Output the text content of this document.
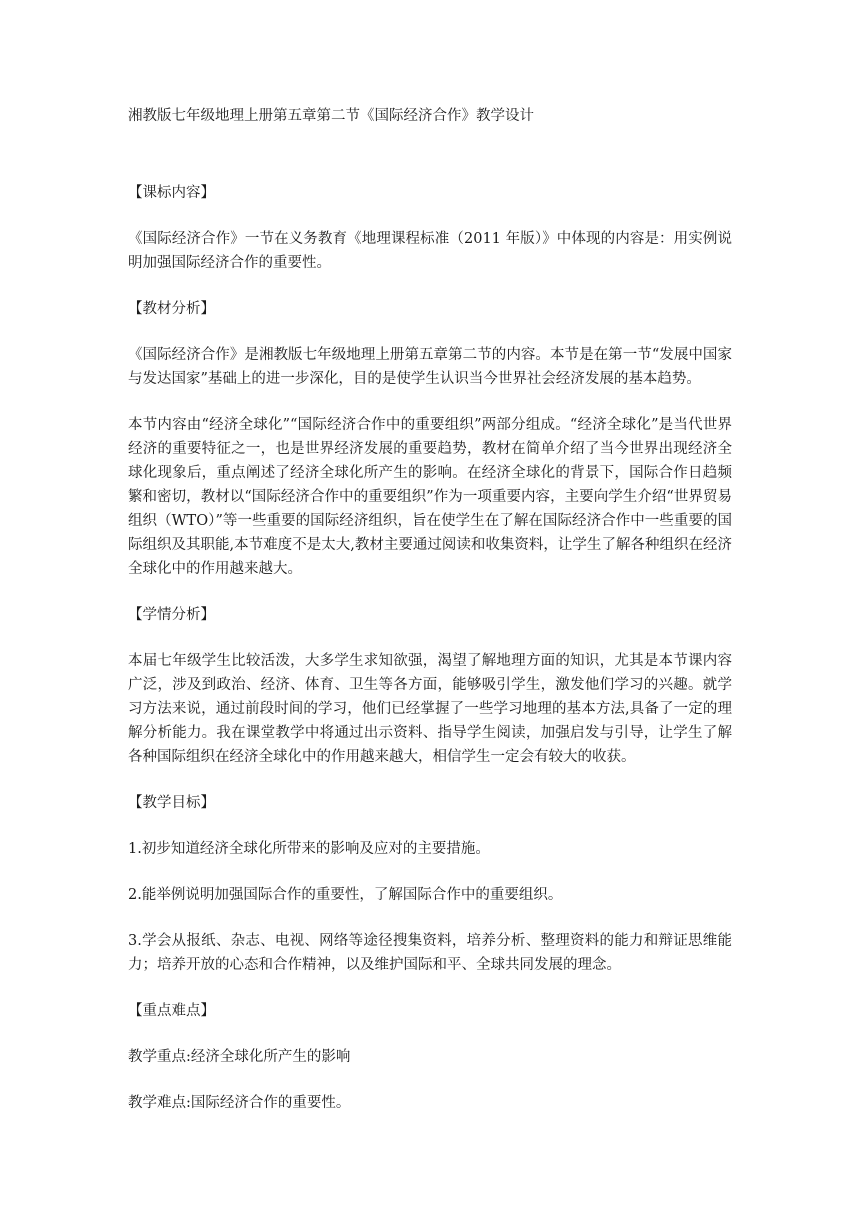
湘教版七年级地理上册第五章第二节《国际经济合作》教学设计
【课标内容】

《国际经济合作》一节在义务教育《地理课程标准（2011 年版）》中体现的内容是：用实例说明加强国际经济合作的重要性。

【教材分析】

《国际经济合作》是湘教版七年级地理上册第五章第二节的内容。本节是在第一节“发展中国家与发达国家”基础上的进一步深化，目的是使学生认识当今世界社会经济发展的基本趋势。

本节内容由“经济全球化”“国际经济合作中的重要组织”两部分组成。“经济全球化”是当代世界经济的重要特征之一，也是世界经济发展的重要趋势，教材在简单介绍了当今世界出现经济全球化现象后，重点阐述了经济全球化所产生的影响。在经济全球化的背景下，国际合作日趋频繁和密切，教材以“国际经济合作中的重要组织”作为一项重要内容，主要向学生介绍“世界贸易组织（WTO）”等一些重要的国际经济组织，旨在使学生在了解在国际经济合作中一些重要的国际组织及其职能,本节难度不是太大,教材主要通过阅读和收集资料，让学生了解各种组织在经济全球化中的作用越来越大。

【学情分析】

本届七年级学生比较活泼，大多学生求知欲强，渴望了解地理方面的知识，尤其是本节课内容广泛，涉及到政治、经济、体育、卫生等各方面，能够吸引学生，激发他们学习的兴趣。就学习方法来说，通过前段时间的学习，他们已经掌握了一些学习地理的基本方法,具备了一定的理解分析能力。我在课堂教学中将通过出示资料、指导学生阅读，加强启发与引导，让学生了解各种国际组织在经济全球化中的作用越来越大，相信学生一定会有较大的收获。

【教学目标】

1.初步知道经济全球化所带来的影响及应对的主要措施。

2.能举例说明加强国际合作的重要性，了解国际合作中的重要组织。

3.学会从报纸、杂志、电视、网络等途径搜集资料，培养分析、整理资料的能力和辩证思维能力；培养开放的心态和合作精神，以及维护国际和平、全球共同发展的理念。

【重点难点】

教学重点:经济全球化所产生的影响

教学难点:国际经济合作的重要性。
